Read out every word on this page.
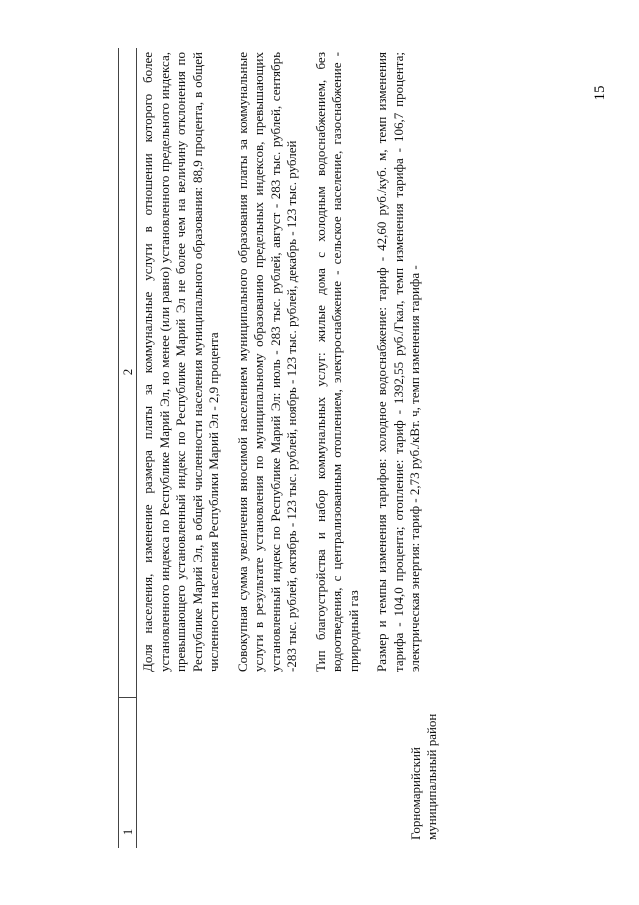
15
1
2
Горномарийский муниципальный район

Доля населения, изменение размера платы за коммунальные услуги в отношении которого более установленного индекса по Республике Марий Эл, но менее (или равно) установленного предельного индекса, превышающего установленный индекс по Республике Марий Эл не более чем на величину отклонения по Республике Марий Эл, в общей численности населения муниципального образования: 88,9 процента, в общей численности населения Республики Марий Эл - 2,9 процента Совокупная сумма увеличения вносимой населением муниципального образования платы за коммунальные услуги в результате установления по муниципальному образованию предельных индексов, превышающих установленный индекс по Республике Марий Эл: июль - 283 тыс. рублей, август - 283 тыс. рублей, сентябрь -283 тыс. рублей, октябрь - 123 тыс. рублей, ноябрь - 123 тыс. рублей, декабрь - 123 тыс. рублей Тип благоустройства и набор коммунальных услуг: жилые дома с холодным водоснабжением, без водоотведения, с централизованным отоплением, электроснабжение - сельское население, газоснабжение - природный газ Размер и темпы изменения тарифов: холодное водоснабжение: тариф - 42,60 руб./куб. м, темп изменения тарифа - 104,0 процента; отопление: тариф - 1392,55 руб./Гкал, темп изменения тарифа - 106,7 процента; электрическая энергия: тариф - 2,73 руб./кВт. ч, темп изменения тарифа -
